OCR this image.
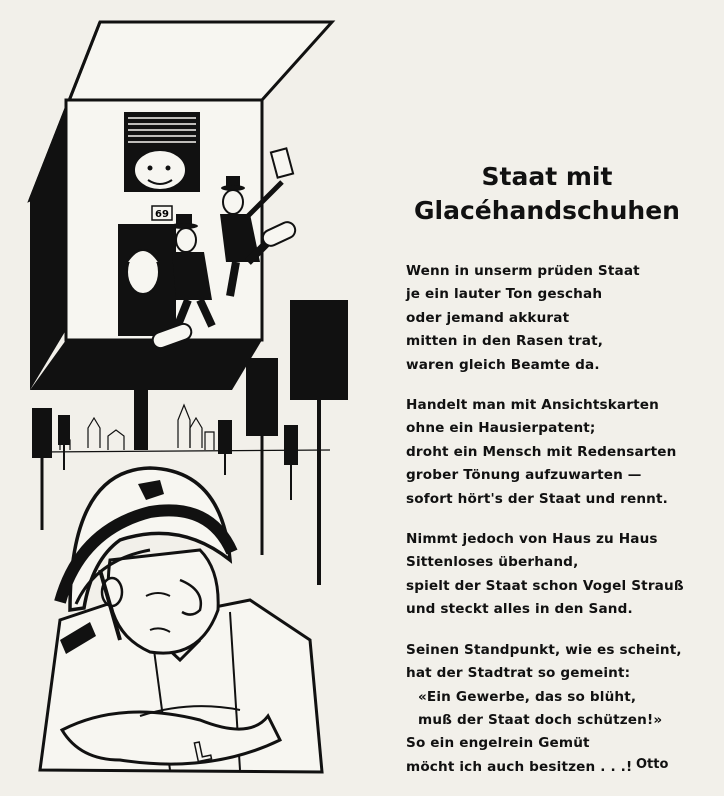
69
L
Staat mit
Glacéhandschuhen
Wenn in unserm prüden Staat
je ein lauter Ton geschah
oder jemand akkurat
mitten in den Rasen trat,
waren gleich Beamte da.
Handelt man mit Ansichtskarten
ohne ein Hausierpatent;
droht ein Mensch mit Redensarten
grober Tönung aufzuwarten —
sofort hört's der Staat und rennt.
Nimmt jedoch von Haus zu Haus
Sittenloses überhand,
spielt der Staat schon Vogel Strauß
und steckt alles in den Sand.
Seinen Standpunkt, wie es scheint,
hat der Stadtrat so gemeint:
«Ein Gewerbe, das so blüht,
muß der Staat doch schützen!»
So ein engelrein Gemüt
möcht ich auch besitzen . . .! Otto
